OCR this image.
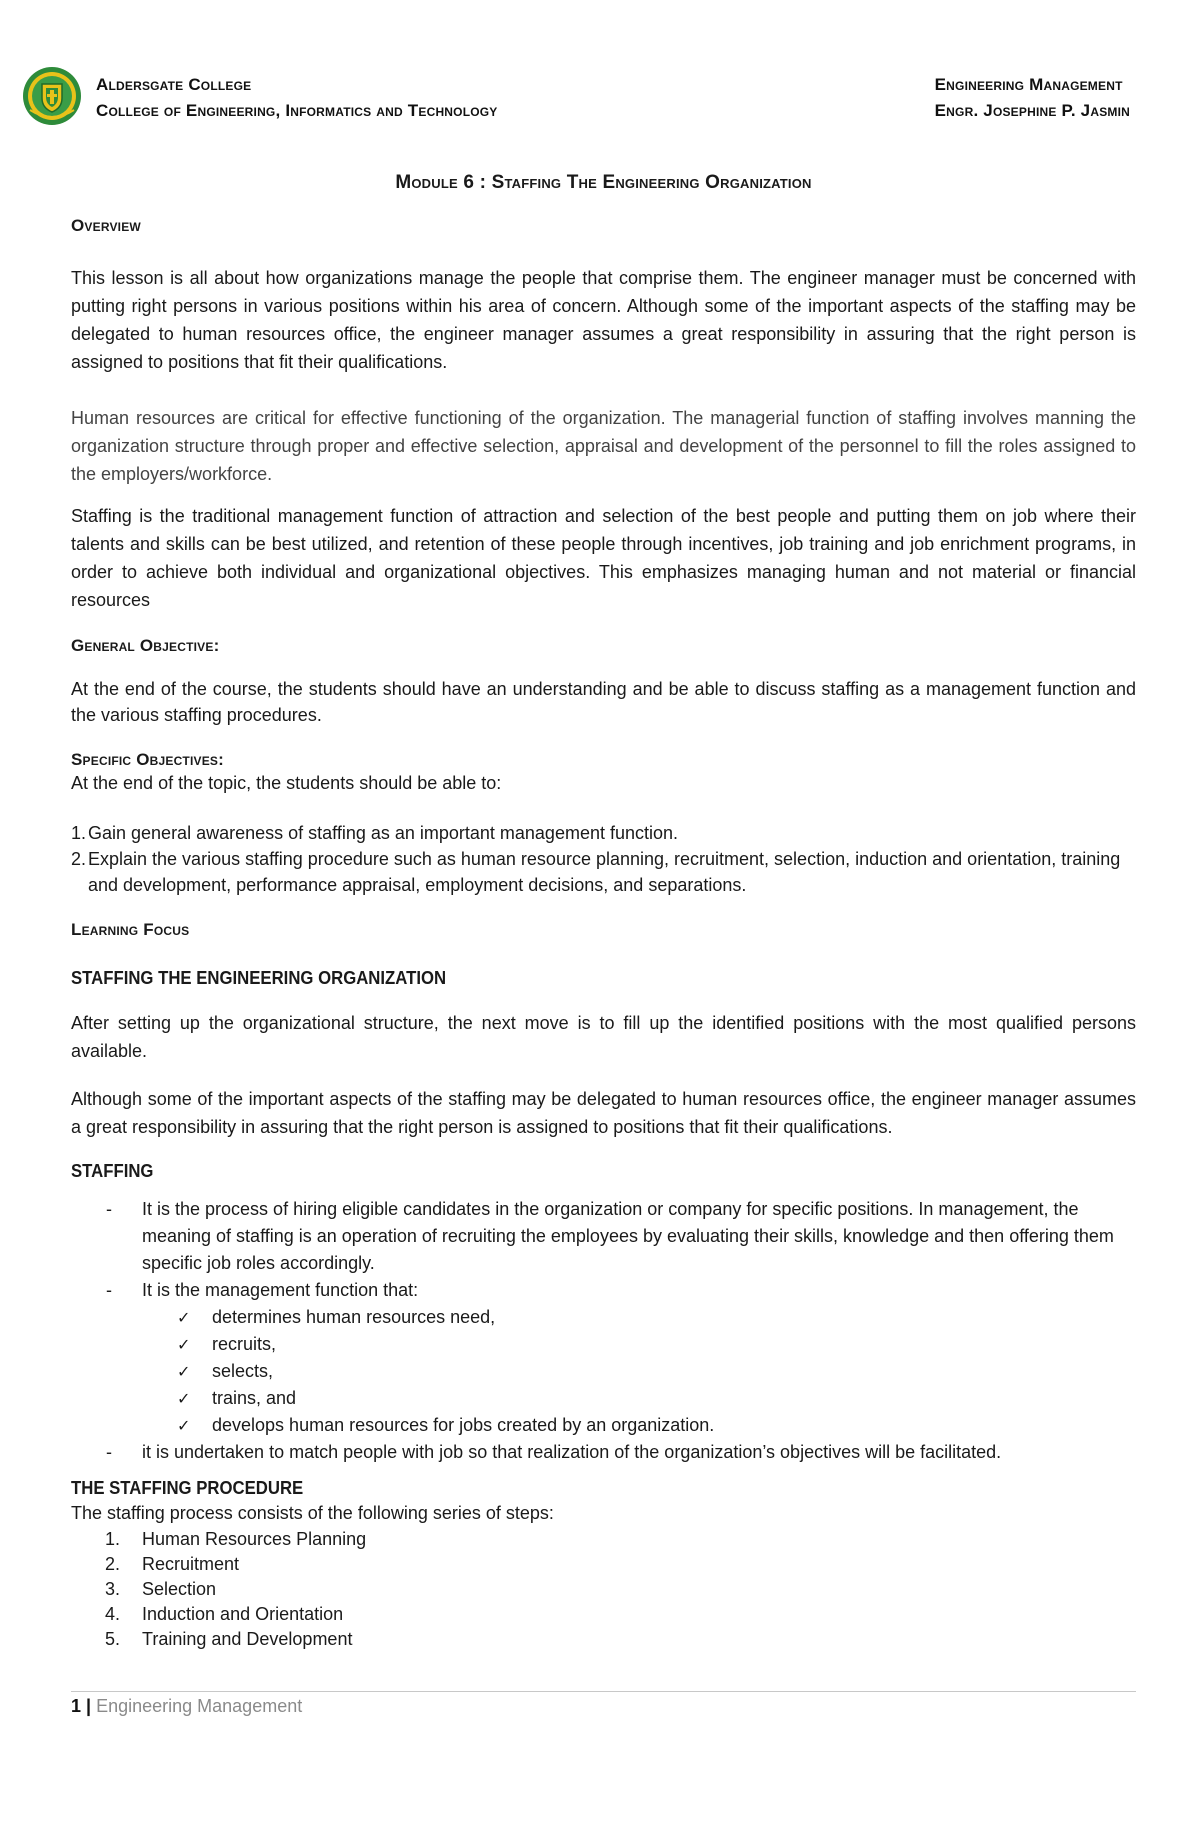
Aldersgate College
College of Engineering, Informatics and Technology
Engineering Management
Engr. Josephine P. Jasmin
Module 6 : Staffing The Engineering Organization
Overview

This lesson is all about how organizations manage the people that comprise them. The engineer manager must be concerned with putting right persons in various positions within his area of concern. Although some of the important aspects of the staffing may be delegated to human resources office, the engineer manager assumes a great responsibility in assuring that the right person is assigned to positions that fit their qualifications.

Human resources are critical for effective functioning of the organization. The managerial function of staffing involves manning the organization structure through proper and effective selection, appraisal and development of the personnel to fill the roles assigned to the employers/workforce.

Staffing is the traditional management function of attraction and selection of the best people and putting them on job where their talents and skills can be best utilized, and retention of these people through incentives, job training and job enrichment programs, in order to achieve both individual and organizational objectives. This emphasizes managing human and not material or financial resources

General Objective:

At the end of the course, the students should have an understanding and be able to discuss staffing as a management function and the various staffing procedures.

Specific Objectives:

At the end of the topic, the students should be able to:

1. Gain general awareness of staffing as an important management function.
2. Explain the various staffing procedure such as human resource planning, recruitment, selection, induction and orientation, training and development, performance appraisal, employment decisions, and separations.
Learning Focus
STAFFING THE ENGINEERING ORGANIZATION

After setting up the organizational structure, the next move is to fill up the identified positions with the most qualified persons available.

Although some of the important aspects of the staffing may be delegated to human resources office, the engineer manager assumes a great responsibility in assuring that the right person is assigned to positions that fit their qualifications.

STAFFING
- It is the process of hiring eligible candidates in the organization or company for specific positions. In management, the meaning of staffing is an operation of recruiting the employees by evaluating their skills, knowledge and then offering them specific job roles accordingly.
- It is the management function that:
✓ determines human resources need,
✓ recruits,
✓ selects,
✓ trains, and
✓ develops human resources for jobs created by an organization.
- it is undertaken to match people with job so that realization of the organization’s objectives will be facilitated.
THE STAFFING PROCEDURE

The staffing process consists of the following series of steps:

1. Human Resources Planning
2. Recruitment
3. Selection
4. Induction and Orientation
5. Training and Development
1 | Engineering Management
